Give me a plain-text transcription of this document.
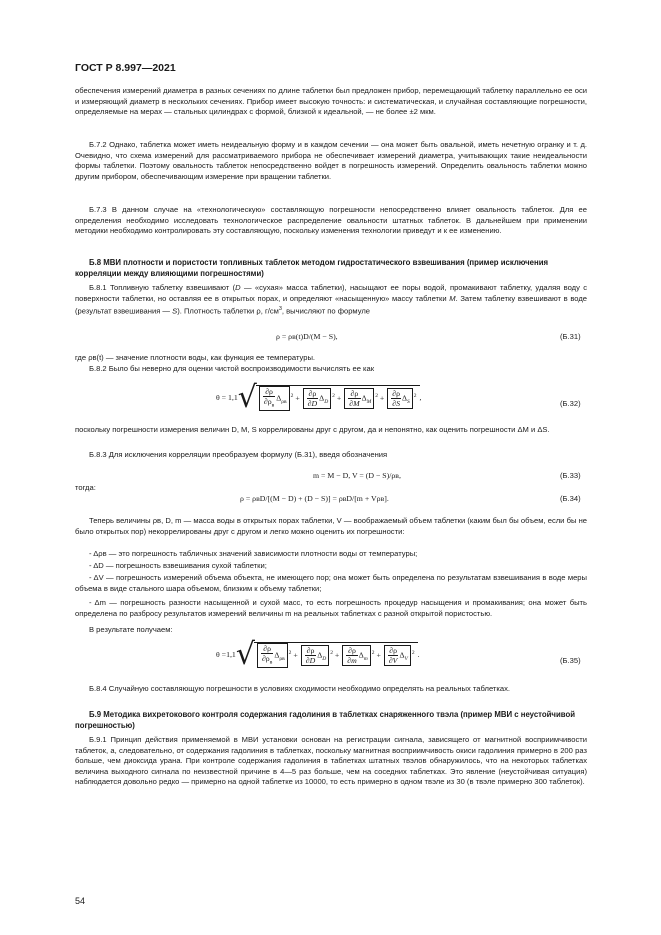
ГОСТ Р 8.997—2021
обеспечения измерений диаметра в разных сечениях по длине таблетки был предложен прибор, перемещающий таблетку параллельно ее оси и измеряющий диаметр в нескольких сечениях. Прибор имеет высокую точность: и систематическая, и случайная составляющие погрешности, определяемые на мерах — стальных цилиндрах с формой, близкой к идеальной, — не более ±2 мкм.
Б.7.2 Однако, таблетка может иметь неидеальную форму и в каждом сечении — она может быть овальной, иметь нечетную огранку и т. д. Очевидно, что схема измерений для рассматриваемого прибора не обеспечивает измерений диаметра, учитывающих такие неидеальности формы таблетки. Поэтому овальность таблеток непосредственно войдет в погрешность измерений. Определить овальность таблетки можно другим прибором, обеспечивающим измерение при вращении таблетки.
Б.7.3 В данном случае на «технологическую» составляющую погрешности непосредственно влияет овальность таблеток. Для ее определения необходимо исследовать технологическое распределение овальности штатных таблеток. В дальнейшем при применении методики необходимо контролировать эту составляющую, поскольку изменения технологии приведут и к ее изменению.
Б.8 МВИ плотности и пористости топливных таблеток методом гидростатического взвешивания (пример исключения корреляции между влияющими погрешностями)
Б.8.1 Топливную таблетку взвешивают (D — «сухая» масса таблетки), насыщают ее поры водой, промакивают таблетку, удаляя воду с поверхности таблетки, но оставляя ее в открытых порах, и определяют «насыщенную» массу таблетки M. Затем таблетку взвешивают в воде (результат взвешивания — S). Плотность таблетки ρ, $г/см^3$, вычисляют по формуле
ρ = ρв(t)D/(M − S),	(Б.31)
где ρв(t) — значение плотности воды, как функция ее температуры.
Б.8.2 Было бы неверно для оценки чистой воспроизводимости вычислять ее как
$\theta = 1,1√ \frac{\partial\rho}{\partial\rho_в} \Delta_{\rho в}^2 + \frac{\partial\rho}{\partial D} \Delta_D^2 + \frac{\partial\rho}{\partial M} \Delta_M^2 + \frac{\partial\rho}{\partial S} \Delta_S^2$ ,
(Б.32)
поскольку погрешности измерения величин D, M, S коррелированы друг с другом, да и непонятно, как оценить погрешности ΔM и ΔS.
Б.8.3 Для исключения корреляции преобразуем формулу (Б.31), введя обозначения
m = M − D, V = (D − S)/ρв,	(Б.33)
тогда:
ρ = ρвD/[(M − D) + (D − S)] = ρвD/[m + Vρв].	(Б.34)
Теперь величины ρв, D, m — масса воды в открытых порах таблетки, V — воображаемый объем таблетки (каким был бы объем, если бы не было открытых пор) некоррелированы друг с другом и легко можно оценить их погрешности:
- Δρв — это погрешность табличных значений зависимости плотности воды от температуры;
- ΔD — погрешность взвешивания сухой таблетки;
- ΔV — погрешность измерений объема объекта, не имеющего пор; она может быть определена по результатам взвешивания в воде меры объема в виде стального шара объемом, близким к объему таблетки;
- Δm — погрешность разности насыщенной и сухой масс, то есть погрешность процедур насыщения и промакивания; она может быть определена по разбросу результатов измерений величины m на реальных таблетках с разной открытой пористостью.
В результате получаем:
$\theta =1,1√ \frac{\partial\rho}{\partial\rho_в} \Delta_{\rho в}^2 + \frac{\partial\rho}{\partial D} \Delta_D^2 + \frac{\partial\rho}{\partial m} \Delta_m^2 + \frac{\partial\rho}{\partial V} \Delta_V^2$ .
(Б.35)
Б.8.4 Случайную составляющую погрешности в условиях сходимости необходимо определять на реальных таблетках.
Б.9 Методика вихретокового контроля содержания гадолиния в таблетках снаряженного твэла (пример МВИ с неустойчивой погрешностью)
Б.9.1 Принцип действия применяемой в МВИ установки основан на регистрации сигнала, зависящего от магнитной восприимчивости таблеток, а, следовательно, от содержания гадолиния в таблетках, поскольку магнитная восприимчивость окиси гадолиния примерно в 200 раз больше, чем диоксида урана. При контроле содержания гадолиния в таблетках штатных твэлов обнаружилось, что на некоторых таблетках величина выходного сигнала по неизвестной причине в 4—5 раз больше, чем на соседних таблетках. Это явление (неустойчивая ситуация) наблюдается довольно редко — примерно на одной таблетке из 10000, то есть примерно в одном твэле из 30 (в твэле примерно 300 таблеток).
54
